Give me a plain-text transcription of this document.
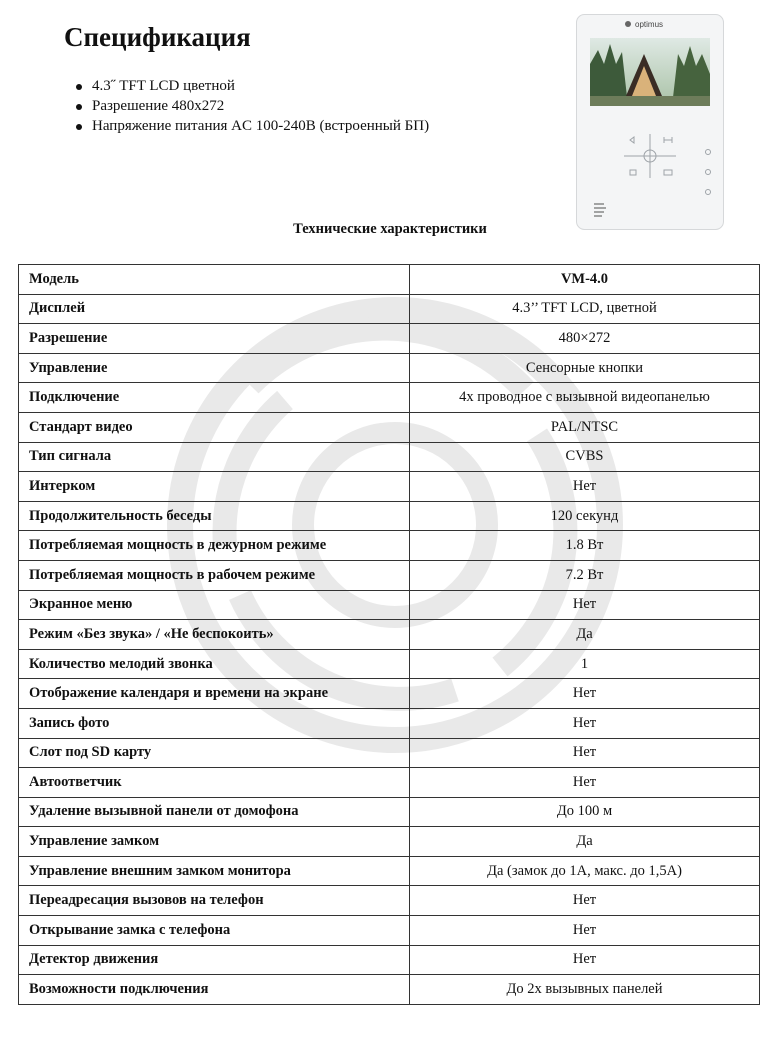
Спецификация
4.3˝ TFT LCD цветной
Разрешение 480x272
Напряжение питания AC 100-240В (встроенный БП)
optimus
Технические характеристики
Модель	VM-4.0
Дисплей	4.3’’ TFT LCD, цветной
Разрешение	480×272
Управление	Сенсорные кнопки
Подключение	4х проводное с вызывной видеопанелью
Стандарт видео	PAL/NTSC
Тип сигнала	CVBS
Интерком	Нет
Продолжительность беседы	120 секунд
Потребляемая мощность в дежурном режиме	1.8 Вт
Потребляемая мощность в рабочем режиме	7.2 Вт
Экранное меню	Нет
Режим «Без звука» / «Не беспокоить»	Да
Количество мелодий звонка	1
Отображение календаря и времени на экране	Нет
Запись фото	Нет
Слот под SD карту	Нет
Автоответчик	Нет
Удаление вызывной панели от домофона	До 100 м
Управление замком	Да
Управление внешним замком монитора	Да (замок до 1А, макс. до 1,5А)
Переадресация вызовов на телефон	Нет
Открывание замка с телефона	Нет
Детектор движения	Нет
Возможности подключения	До 2х вызывных панелей
